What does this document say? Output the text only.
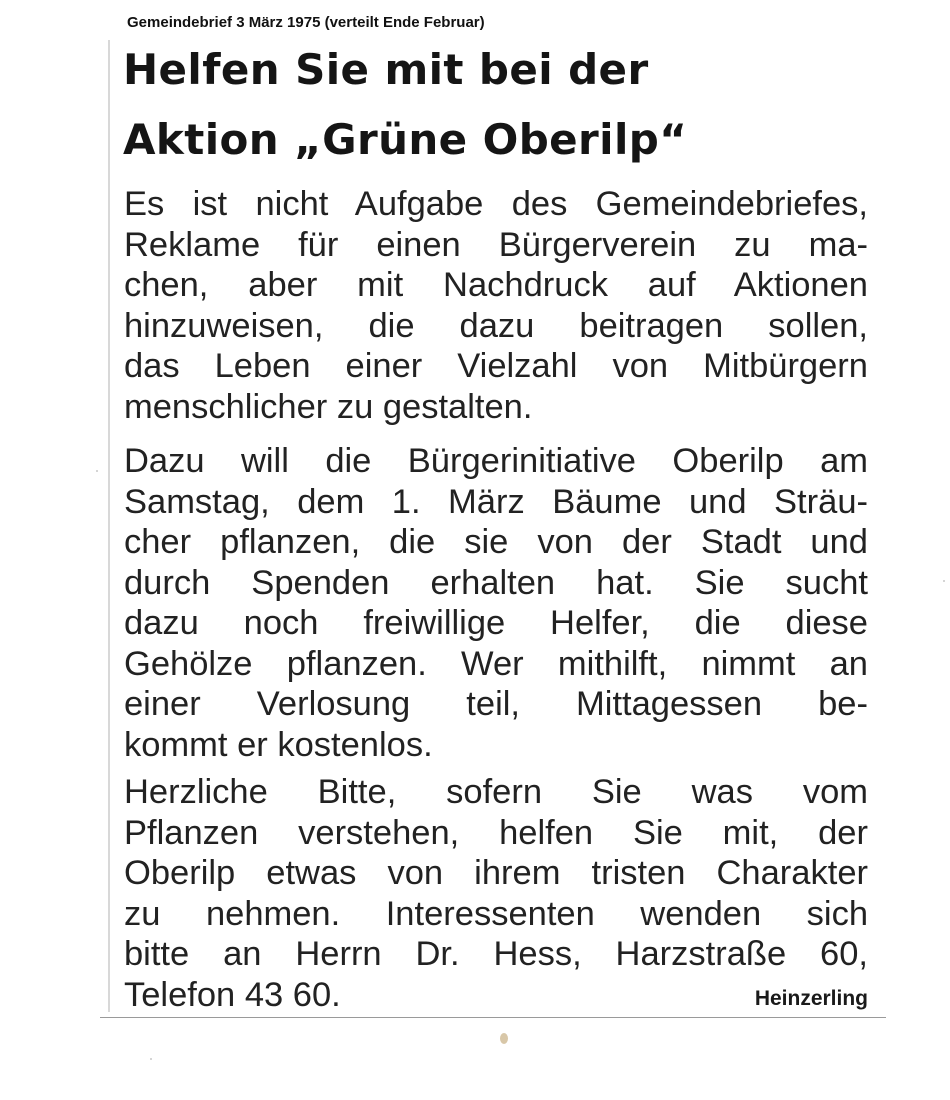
Gemeindebrief 3 März 1975 (verteilt Ende Februar)
Helfen Sie mit bei der
Aktion „Grüne Oberilp“
Es ist nicht Aufgabe des Gemeindebriefes,
Reklame für einen Bürgerverein zu ma-
chen, aber mit Nachdruck auf Aktionen
hinzuweisen, die dazu beitragen sollen,
das Leben einer Vielzahl von Mitbürgern
menschlicher zu gestalten.
Dazu will die Bürgerinitiative Oberilp am
Samstag, dem 1. März Bäume und Sträu-
cher pflanzen, die sie von der Stadt und
durch Spenden erhalten hat. Sie sucht
dazu noch freiwillige Helfer, die diese
Gehölze pflanzen. Wer mithilft, nimmt an
einer Verlosung teil, Mittagessen be-
kommt er kostenlos.
Herzliche Bitte, sofern Sie was vom
Pflanzen verstehen, helfen Sie mit, der
Oberilp etwas von ihrem tristen Charakter
zu nehmen. Interessenten wenden sich
bitte an Herrn Dr. Hess, Harzstraße 60,
Telefon 43 60.	Heinzerling
